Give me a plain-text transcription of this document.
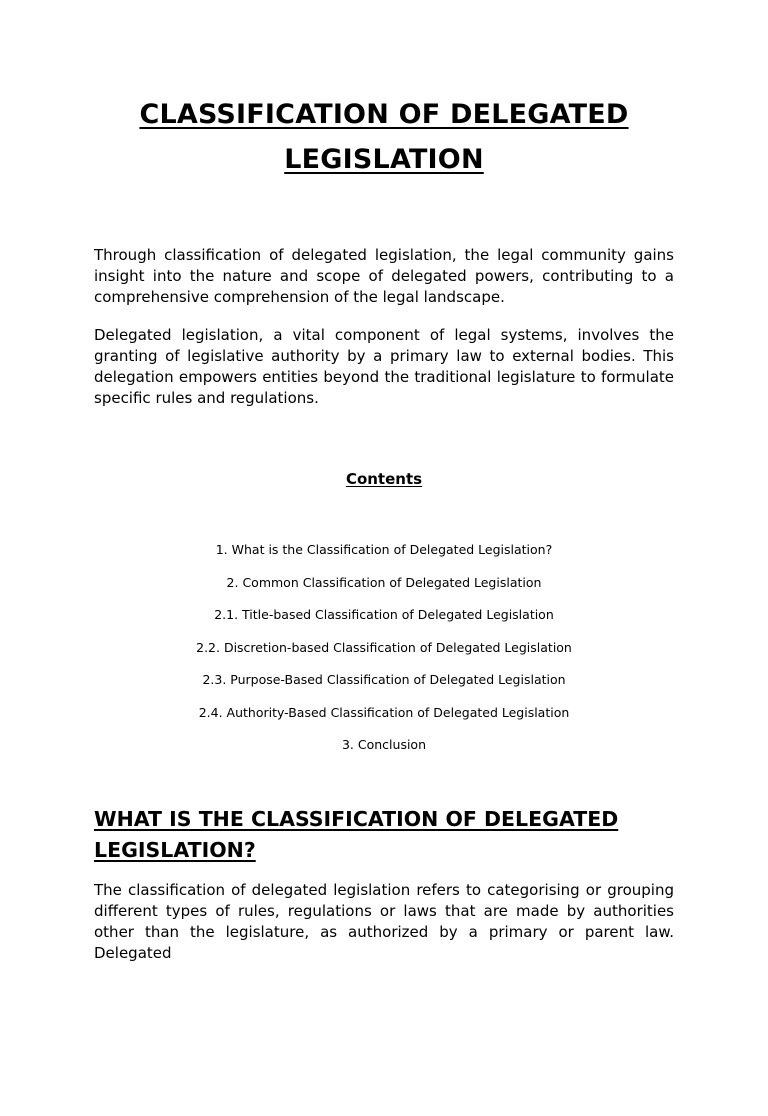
CLASSIFICATION OF DELEGATED LEGISLATION

Through classification of delegated legislation, the legal community gains insight into the nature and scope of delegated powers, contributing to a comprehensive comprehension of the legal landscape.

Delegated legislation, a vital component of legal systems, involves the granting of legislative authority by a primary law to external bodies. This delegation empowers entities beyond the traditional legislature to formulate specific rules and regulations.

Contents
1. What is the Classification of Delegated Legislation?
2. Common Classification of Delegated Legislation
2.1. Title-based Classification of Delegated Legislation
2.2. Discretion-based Classification of Delegated Legislation
2.3. Purpose-Based Classification of Delegated Legislation
2.4. Authority-Based Classification of Delegated Legislation
3. Conclusion
WHAT IS THE CLASSIFICATION OF DELEGATED LEGISLATION?

The classification of delegated legislation refers to categorising or grouping different types of rules, regulations or laws that are made by authorities other than the legislature, as authorized by a primary or parent law. Delegated
